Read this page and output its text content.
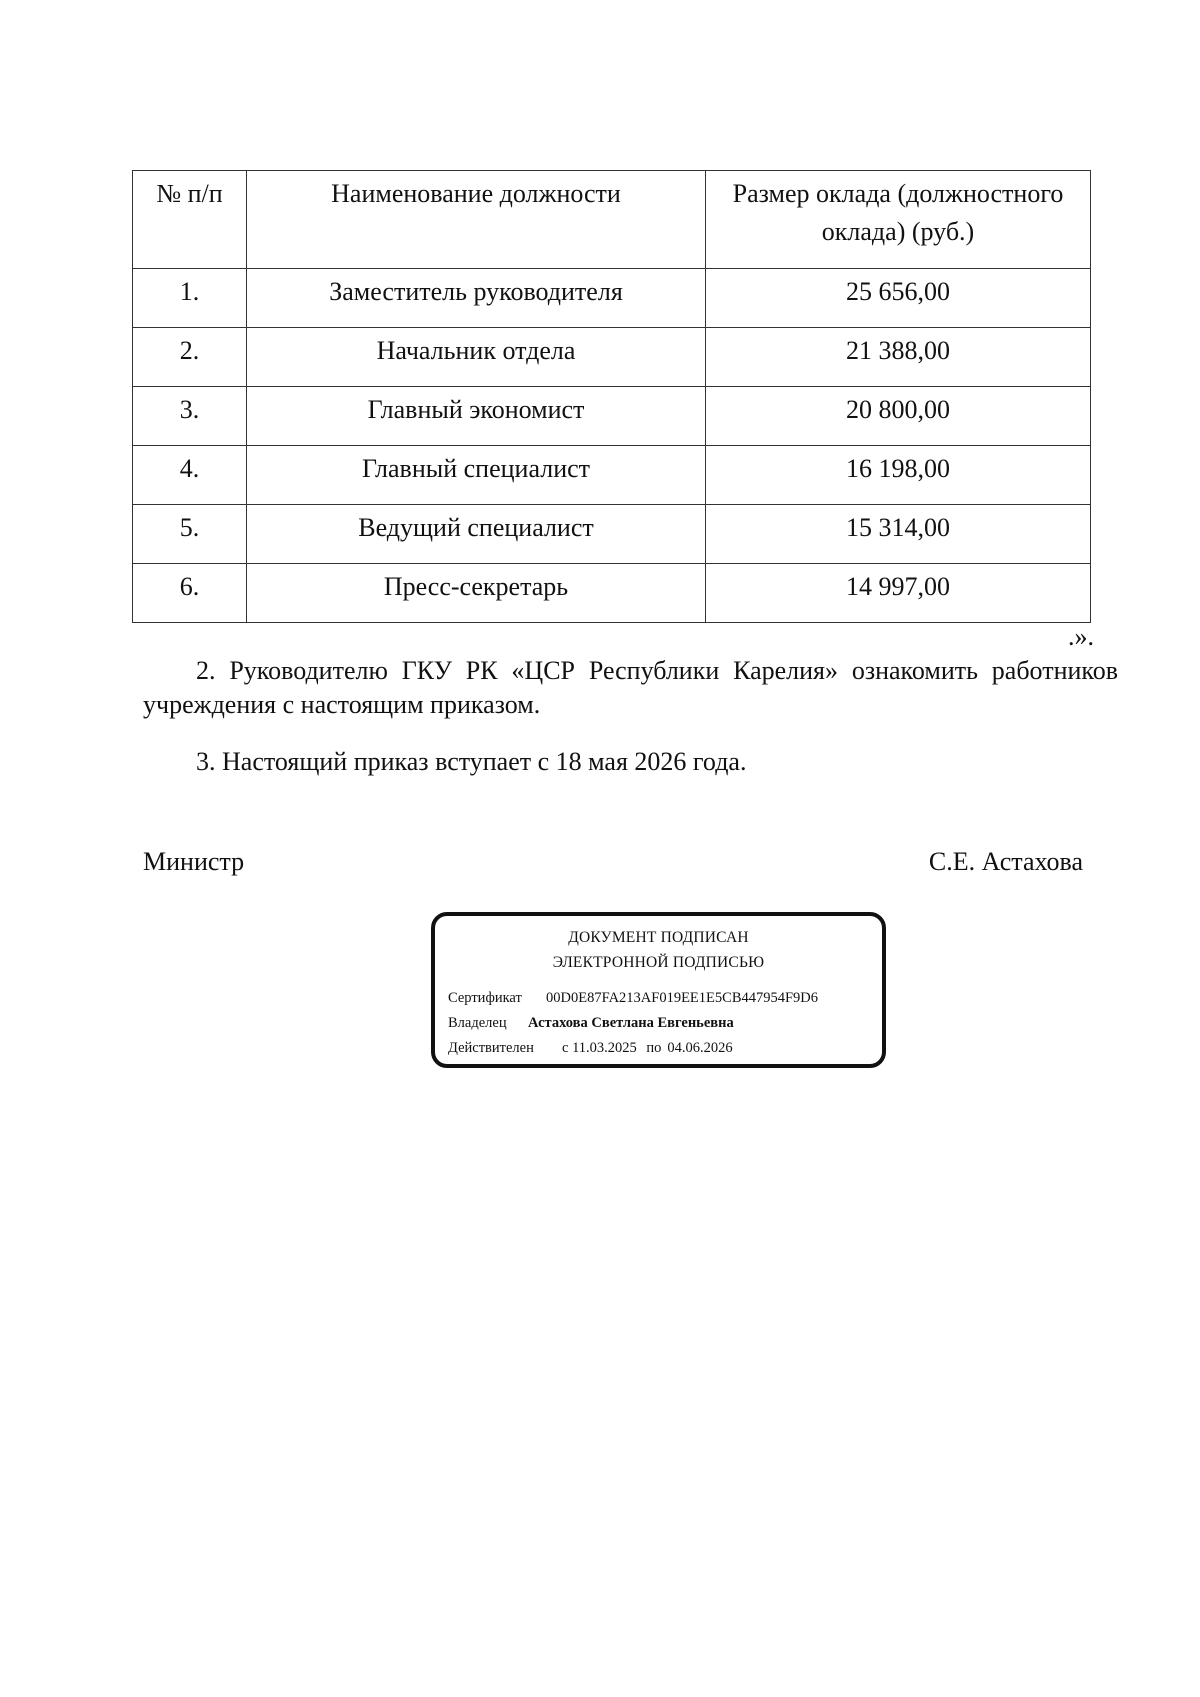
№ п/п	Наименование должности	Размер оклада (должностного
оклада) (руб.)
1.	Заместитель руководителя	25 656,00
2.	Начальник отдела	21 388,00
3.	Главный экономист	20 800,00
4.	Главный специалист	16 198,00
5.	Ведущий специалист	15 314,00
6.	Пресс-секретарь	14 997,00
.».

2. Руководителю ГКУ РК «ЦСР Республики Карелия» ознакомить работников учреждения с настоящим приказом.

3. Настоящий приказ вступает с 18 мая 2026 года.

Министр	С.Е. Астахова
ДОКУМЕНТ ПОДПИСАН
ЭЛЕКТРОННОЙ ПОДПИСЬЮ
Сертификат 00D0E87FA213AF019EE1E5CB447954F9D6
Владелец Астахова Светлана Евгеньевна
Действителен с 11.03.2025 по 04.06.2026
